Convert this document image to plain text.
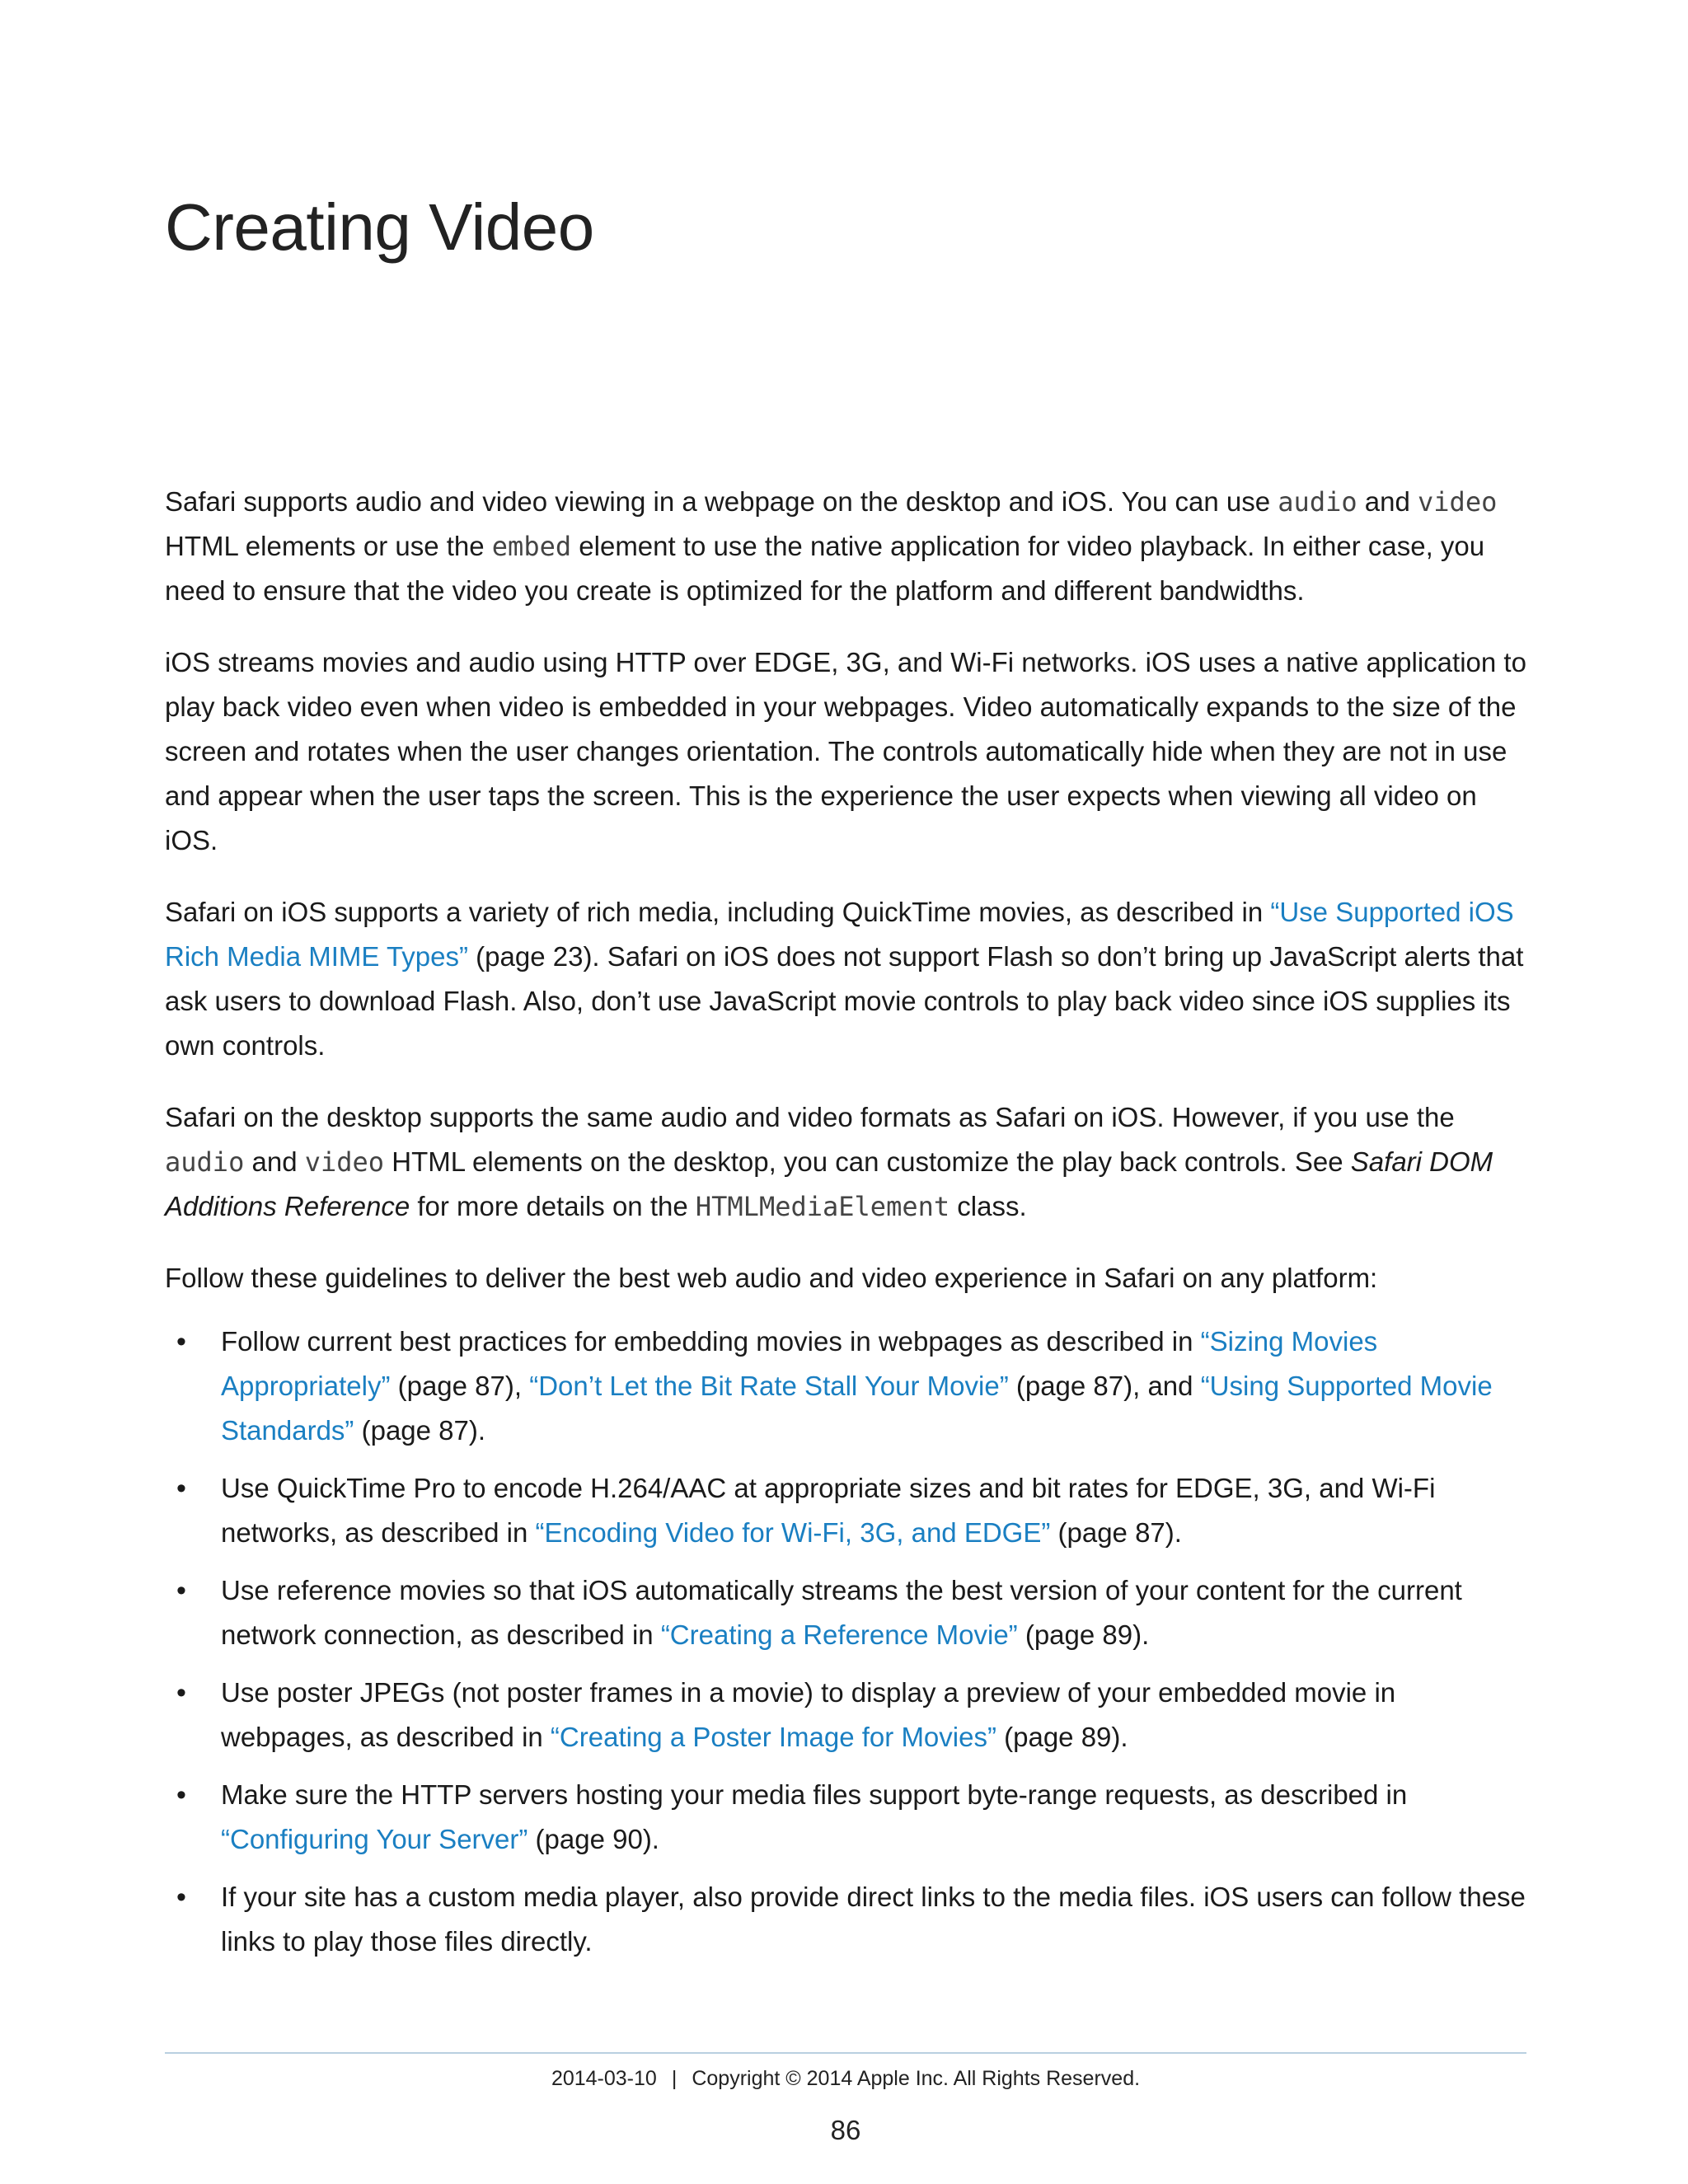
Creating Video

Safari supports audio and video viewing in a webpage on the desktop and iOS. You can use audio and video HTML elements or use the embed element to use the native application for video playback. In either case, you need to ensure that the video you create is optimized for the platform and different bandwidths.

iOS streams movies and audio using HTTP over EDGE, 3G, and Wi-Fi networks. iOS uses a native application to play back video even when video is embedded in your webpages. Video automatically expands to the size of the screen and rotates when the user changes orientation. The controls automatically hide when they are not in use and appear when the user taps the screen. This is the experience the user expects when viewing all video on iOS.

Safari on iOS supports a variety of rich media, including QuickTime movies, as described in “Use Supported iOS Rich Media MIME Types” (page 23). Safari on iOS does not support Flash so don’t bring up JavaScript alerts that ask users to download Flash. Also, don’t use JavaScript movie controls to play back video since iOS supplies its own controls.

Safari on the desktop supports the same audio and video formats as Safari on iOS. However, if you use the audio and video HTML elements on the desktop, you can customize the play back controls. See Safari DOM Additions Reference for more details on the HTMLMediaElement class.

Follow these guidelines to deliver the best web audio and video experience in Safari on any platform:

• Follow current best practices for embedding movies in webpages as described in “Sizing Movies Appropriately” (page 87), “Don’t Let the Bit Rate Stall Your Movie” (page 87), and “Using Supported Movie Standards” (page 87).
• Use QuickTime Pro to encode H.264/AAC at appropriate sizes and bit rates for EDGE, 3G, and Wi-Fi networks, as described in “Encoding Video for Wi-Fi, 3G, and EDGE” (page 87).
• Use reference movies so that iOS automatically streams the best version of your content for the current network connection, as described in “Creating a Reference Movie” (page 89).
• Use poster JPEGs (not poster frames in a movie) to display a preview of your embedded movie in webpages, as described in “Creating a Poster Image for Movies” (page 89).
• Make sure the HTTP servers hosting your media files support byte-range requests, as described in “Configuring Your Server” (page 90).
• If your site has a custom media player, also provide direct links to the media files. iOS users can follow these links to play those files directly.
2014-03-10 | Copyright © 2014 Apple Inc. All Rights Reserved.
86
